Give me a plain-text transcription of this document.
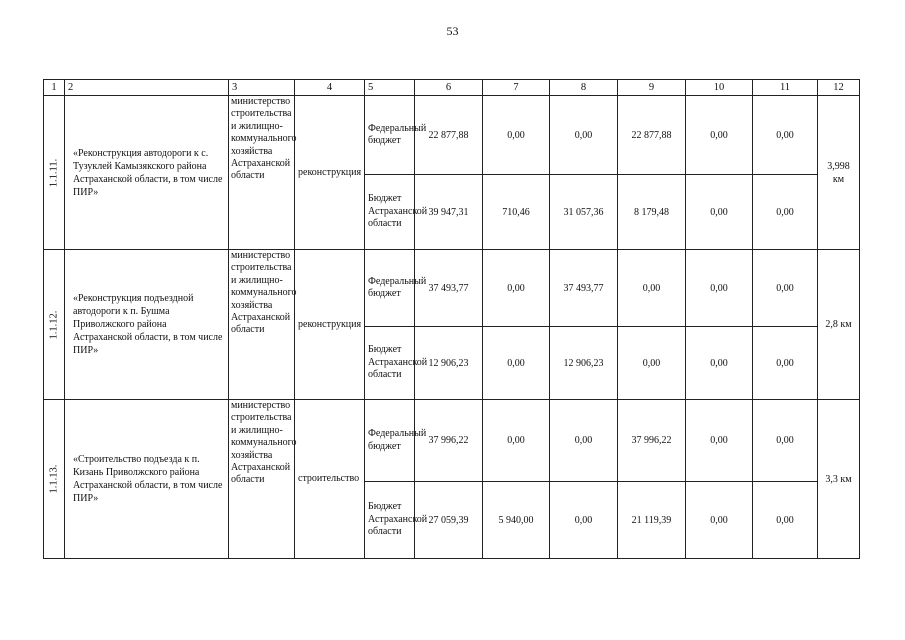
53
1	2	3	4	5	6	7	8	9	10	11	12

1.1.11.	«Реконструкция автодороги к с. Тузуклей Камызякского района Астраханской области, в том числе ПИР»	министерство строительства и жилищно-коммунального хозяйства Астраханской области	реконструкция	Федеральный бюджет	22 877,88	0,00	0,00	22 877,88	0,00	0,00	3,998 км
				Бюджет Астраханской области	39 947,31	710,46	31 057,36	8 179,48	0,00	0,00	

1.1.12.	«Реконструкция подъездной автодороги к п. Бушма Приволжского района Астраханской области, в том числе ПИР»	министерство строительства и жилищно-коммунального хозяйства Астраханской области	реконструкция	Федеральный бюджет	37 493,77	0,00	37 493,77	0,00	0,00	0,00	2,8 км
				Бюджет Астраханской области	12 906,23	0,00	12 906,23	0,00	0,00	0,00	

1.1.13.	«Строительство подъезда к п. Кизань Приволжского района Астраханской области, в том числе ПИР»	министерство строительства и жилищно-коммунального хозяйства Астраханской области	строительство	Федеральный бюджет	37 996,22	0,00	0,00	37 996,22	0,00	0,00	3,3 км
				Бюджет Астраханской области	27 059,39	5 940,00	0,00	21 119,39	0,00	0,00	
